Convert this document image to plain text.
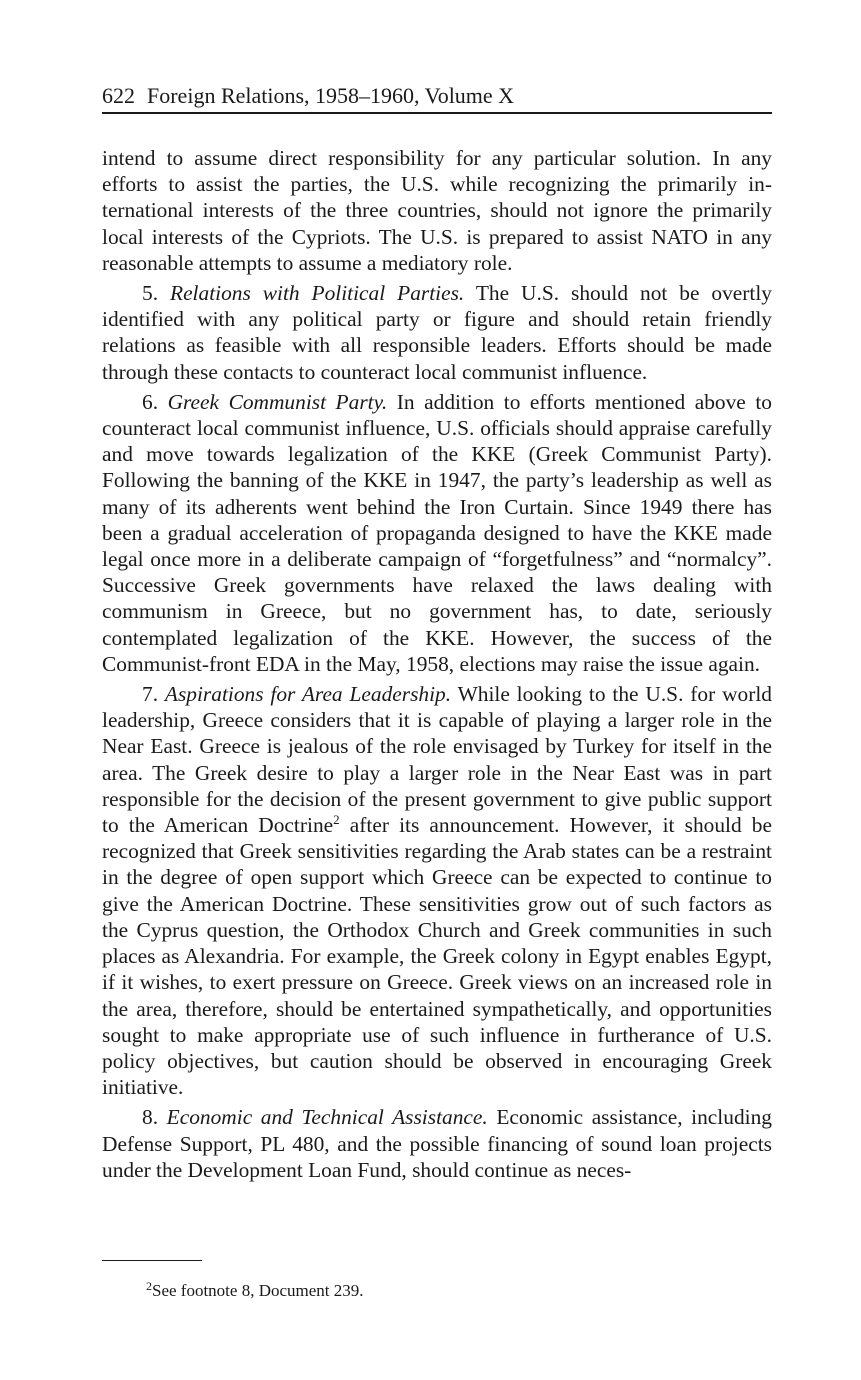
622 Foreign Relations, 1958–1960, Volume X

intend to assume direct responsibility for any particular solution. In any efforts to assist the parties, the U.S. while recognizing the primarily international interests of the three countries, should not ignore the primarily local interests of the Cypriots. The U.S. is prepared to assist NATO in any reasonable attempts to assume a mediatory role.

5. Relations with Political Parties. The U.S. should not be overtly identified with any political party or figure and should retain friendly relations as feasible with all responsible leaders. Efforts should be made through these contacts to counteract local communist influence.

6. Greek Communist Party. In addition to efforts mentioned above to counteract local communist influence, U.S. officials should appraise carefully and move towards legalization of the KKE (Greek Communist Party). Following the banning of the KKE in 1947, the party’s leadership as well as many of its adherents went behind the Iron Curtain. Since 1949 there has been a gradual acceleration of propaganda designed to have the KKE made legal once more in a deliberate campaign of “forgetfulness” and “normalcy”. Successive Greek governments have relaxed the laws dealing with communism in Greece, but no government has, to date, seriously contemplated legalization of the KKE. However, the success of the Communist-front EDA in the May, 1958, elections may raise the issue again.

7. Aspirations for Area Leadership. While looking to the U.S. for world leadership, Greece considers that it is capable of playing a larger role in the Near East. Greece is jealous of the role envisaged by Turkey for itself in the area. The Greek desire to play a larger role in the Near East was in part responsible for the decision of the present government to give public support to the American Doctrine$^2$ after its announcement. However, it should be recognized that Greek sensitivities regarding the Arab states can be a restraint in the degree of open support which Greece can be expected to continue to give the American Doctrine. These sensitivities grow out of such factors as the Cyprus question, the Orthodox Church and Greek communities in such places as Alexandria. For example, the Greek colony in Egypt enables Egypt, if it wishes, to exert pressure on Greece. Greek views on an increased role in the area, therefore, should be entertained sympathetically, and opportunities sought to make appropriate use of such influence in furtherance of U.S. policy objectives, but caution should be observed in encouraging Greek initiative.

8. Economic and Technical Assistance. Economic assistance, including Defense Support, PL 480, and the possible financing of sound loan projects under the Development Loan Fund, should continue as neces-

$^2$See footnote 8, Document 239.
